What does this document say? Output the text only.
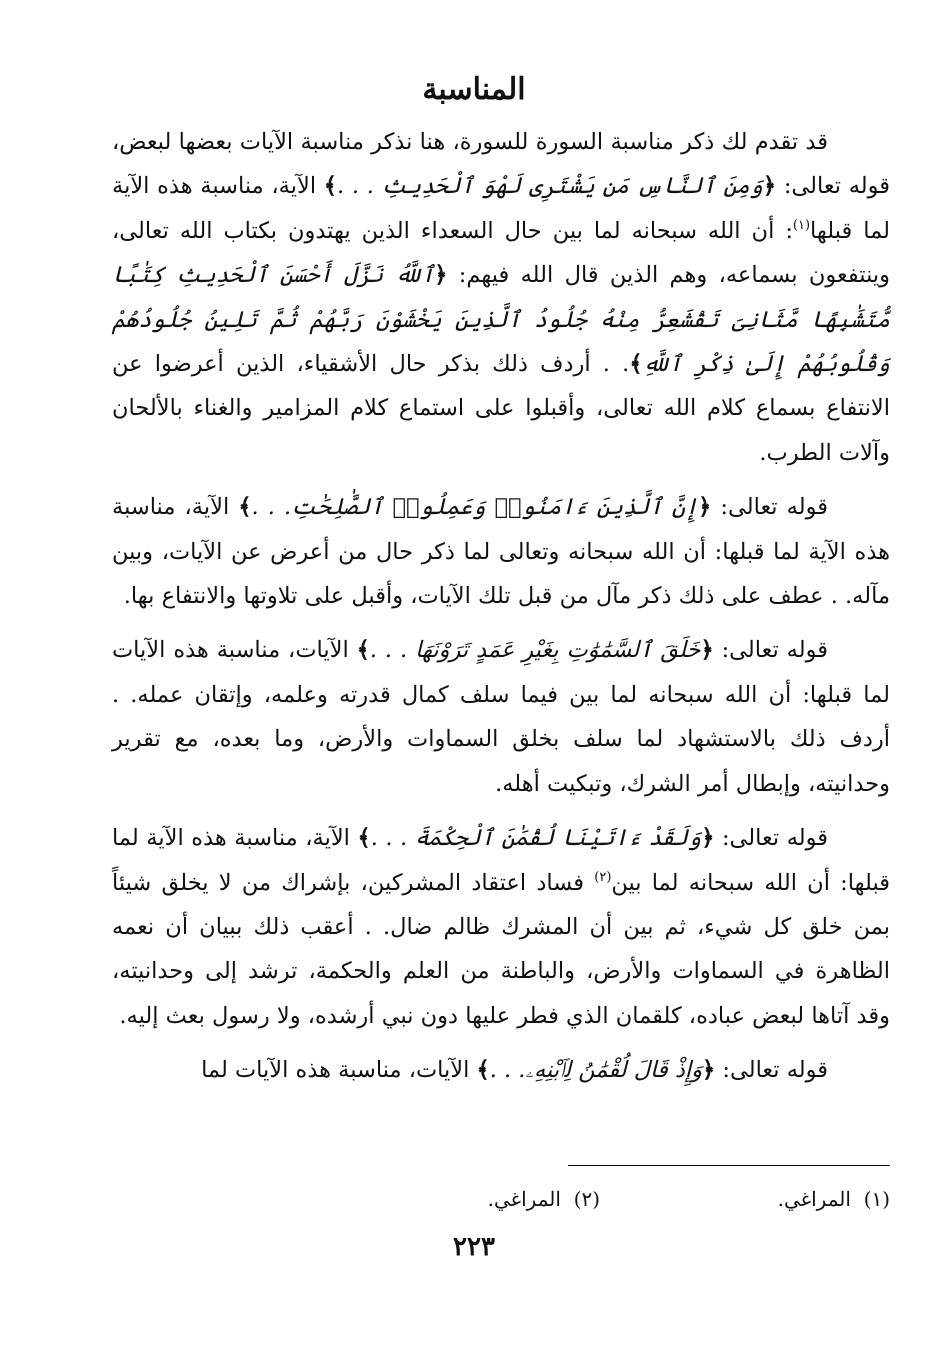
المناسبة

قد تقدم لك ذكر مناسبة السورة للسورة، هنا نذكر مناسبة الآيات بعضها لبعض، قوله تعالى: ﴿وَمِنَ ٱلنَّاسِ مَن يَشْتَرِى لَهْوَ ٱلْحَدِيثِ . . .﴾ الآية، مناسبة هذه الآية لما قبلها$^{(١)}$: أن الله سبحانه لما بين حال السعداء الذين يهتدون بكتاب الله تعالى، وينتفعون بسماعه، وهم الذين قال الله فيهم: ﴿ٱللَّهُ نَزَّلَ أَحْسَنَ ٱلْحَدِيثِ كِتَٰبًا مُّتَشَٰبِهًا مَّثَانِىَ تَقْشَعِرُّ مِنْهُ جُلُودُ ٱلَّذِينَ يَخْشَوْنَ رَبَّهُمْ ثُمَّ تَلِينُ جُلُودُهُمْ وَقُلُوبُهُمْ إِلَىٰ ذِكْرِ ٱللَّهِ﴾. . أردف ذلك بذكر حال الأشقياء، الذين أعرضوا عن الانتفاع بسماع كلام الله تعالى، وأقبلوا على استماع كلام المزامير والغناء بالألحان وآلات الطرب.

قوله تعالى: ﴿إِنَّ ٱلَّذِينَ ءَامَنُوا۟ وَعَمِلُوا۟ ٱلصَّٰلِحَٰتِ. . .﴾ الآية، مناسبة هذه الآية لما قبلها: أن الله سبحانه وتعالى لما ذكر حال من أعرض عن الآيات، وبين مآله. . عطف على ذلك ذكر مآل من قبل تلك الآيات، وأقبل على تلاوتها والانتفاع بها.

قوله تعالى: ﴿خَلَقَ ٱلسَّمَٰوَٰتِ بِغَيْرِ عَمَدٍ تَرَوْنَهَا . . .﴾ الآيات، مناسبة هذه الآيات لما قبلها: أن الله سبحانه لما بين فيما سلف كمال قدرته وعلمه، وإتقان عمله. . أردف ذلك بالاستشهاد لما سلف بخلق السماوات والأرض، وما بعده، مع تقرير وحدانيته، وإبطال أمر الشرك، وتبكيت أهله.

قوله تعالى: ﴿وَلَقَدْ ءَاتَيْنَا لُقْمَٰنَ ٱلْحِكْمَةَ . . .﴾ الآية، مناسبة هذه الآية لما قبلها: أن الله سبحانه لما بين$^{(٢)}$ فساد اعتقاد المشركين، بإشراك من لا يخلق شيئاً بمن خلق كل شيء، ثم بين أن المشرك ظالم ضال. . أعقب ذلك ببيان أن نعمه الظاهرة في السماوات والأرض، والباطنة من العلم والحكمة، ترشد إلى وحدانيته، وقد آتاها لبعض عباده، كلقمان الذي فطر عليها دون نبي أرشده، ولا رسول بعث إليه.

قوله تعالى: ﴿وَإِذْ قَالَ لُقْمَٰنُ لِٱبْنِهِۦ. . .﴾ الآيات، مناسبة هذه الآيات لما

(١)  المراغي.(٢)  المراغي.
٢٢٣
